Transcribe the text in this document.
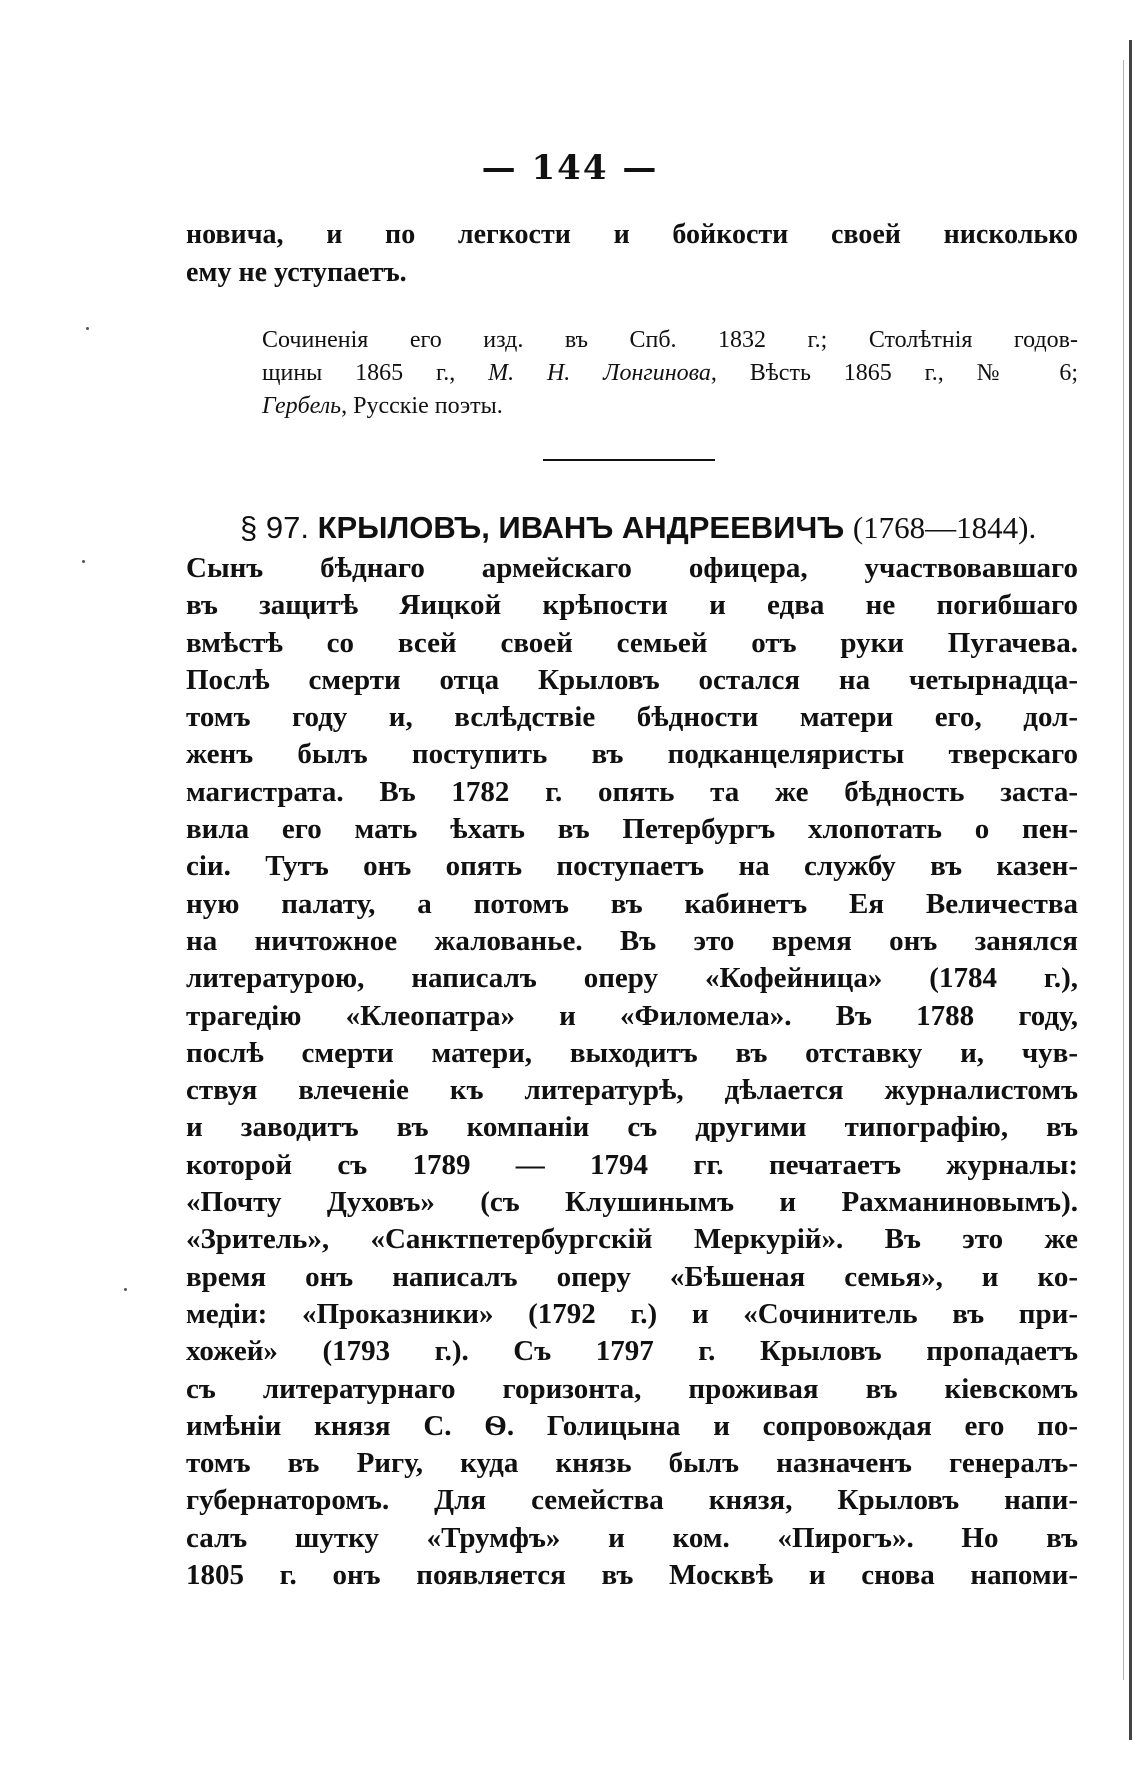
— 144 —
новича, и по легкости и бойкости своей нисколько
ему не уступаетъ.
Сочиненія его изд. въ Спб. 1832 г.; Столѣтнія годов-
щины 1865 г., М. Н. Лонгинова, Вѣсть 1865 г., № 6;
Гербель, Русскіе поэты.
§ 97. КРЫЛОВЪ, ИВАНЪ АНДРЕЕВИЧЪ (1768—1844).
Сынъ бѣднаго армейскаго офицера, участвовавшаго
въ защитѣ Яицкой крѣпости и едва не погибшаго
вмѣстѣ со всей своей семьей отъ руки Пугачева.
Послѣ смерти отца Крыловъ остался на четырнадца-
томъ году и, вслѣдствіе бѣдности матери его, дол-
женъ былъ поступить въ подканцеляристы тверскаго
магистрата. Въ 1782 г. опять та же бѣдность заста-
вила его мать ѣхать въ Петербургъ хлопотать о пен-
сіи. Тутъ онъ опять поступаетъ на службу въ казен-
ную палату, а потомъ въ кабинетъ Ея Величества
на ничтожное жалованье. Въ это время онъ занялся
литературою, написалъ оперу «Кофейница» (1784 г.),
трагедію «Клеопатра» и «Филомела». Въ 1788 году,
послѣ смерти матери, выходитъ въ отставку и, чув-
ствуя влеченіе къ литературѣ, дѣлается журналистомъ
и заводитъ въ компаніи съ другими типографію, въ
которой съ 1789 — 1794 гг. печатаетъ журналы:
«Почту Духовъ» (съ Клушинымъ и Рахманиновымъ).
«Зритель», «Санктпетербургскій Меркурій». Въ это же
время онъ написалъ оперу «Бѣшеная семья», и ко-
медіи: «Проказники» (1792 г.) и «Сочинитель въ при-
хожей» (1793 г.). Съ 1797 г. Крыловъ пропадаетъ
съ литературнаго горизонта, проживая въ кіевскомъ
имѣніи князя С. Ѳ. Голицына и сопровождая его по-
томъ въ Ригу, куда князь былъ назначенъ генералъ-
губернаторомъ. Для семейства князя, Крыловъ напи-
салъ шутку «Трумфъ» и ком. «Пирогъ». Но въ
1805 г. онъ появляется въ Москвѣ и снова напоми-
